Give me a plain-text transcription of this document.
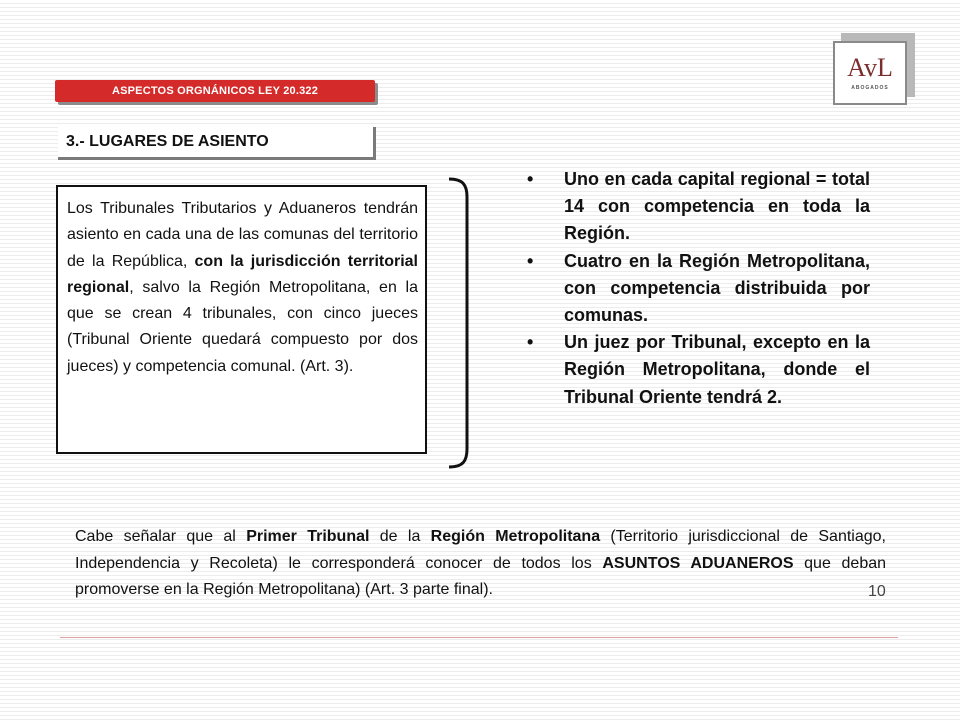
ASPECTOS ORGNÁNICOS LEY 20.322
3.- LUGARES DE ASIENTO
AvL
ABOGADOS
Los Tribunales Tributarios y Aduaneros tendrán asiento en cada una de las comunas del territorio de la República, con la jurisdicción territorial regional, salvo la Región Metropolitana, en la que se crean 4 tribunales, con cinco jueces (Tribunal Oriente quedará compuesto por dos jueces) y competencia comunal. (Art. 3).
• Uno en cada capital regional = total 14 con competencia en toda la Región.
• Cuatro en la Región Metropolitana, con competencia distribuida por comunas.
• Un juez por Tribunal, excepto en la Región Metropolitana, donde el Tribunal Oriente tendrá 2.
Cabe señalar que al Primer Tribunal de la Región Metropolitana (Territorio jurisdiccional de Santiago, Independencia y Recoleta) le corresponderá conocer de todos los ASUNTOS ADUANEROS que deban promoverse en la Región Metropolitana) (Art. 3 parte final).	10
